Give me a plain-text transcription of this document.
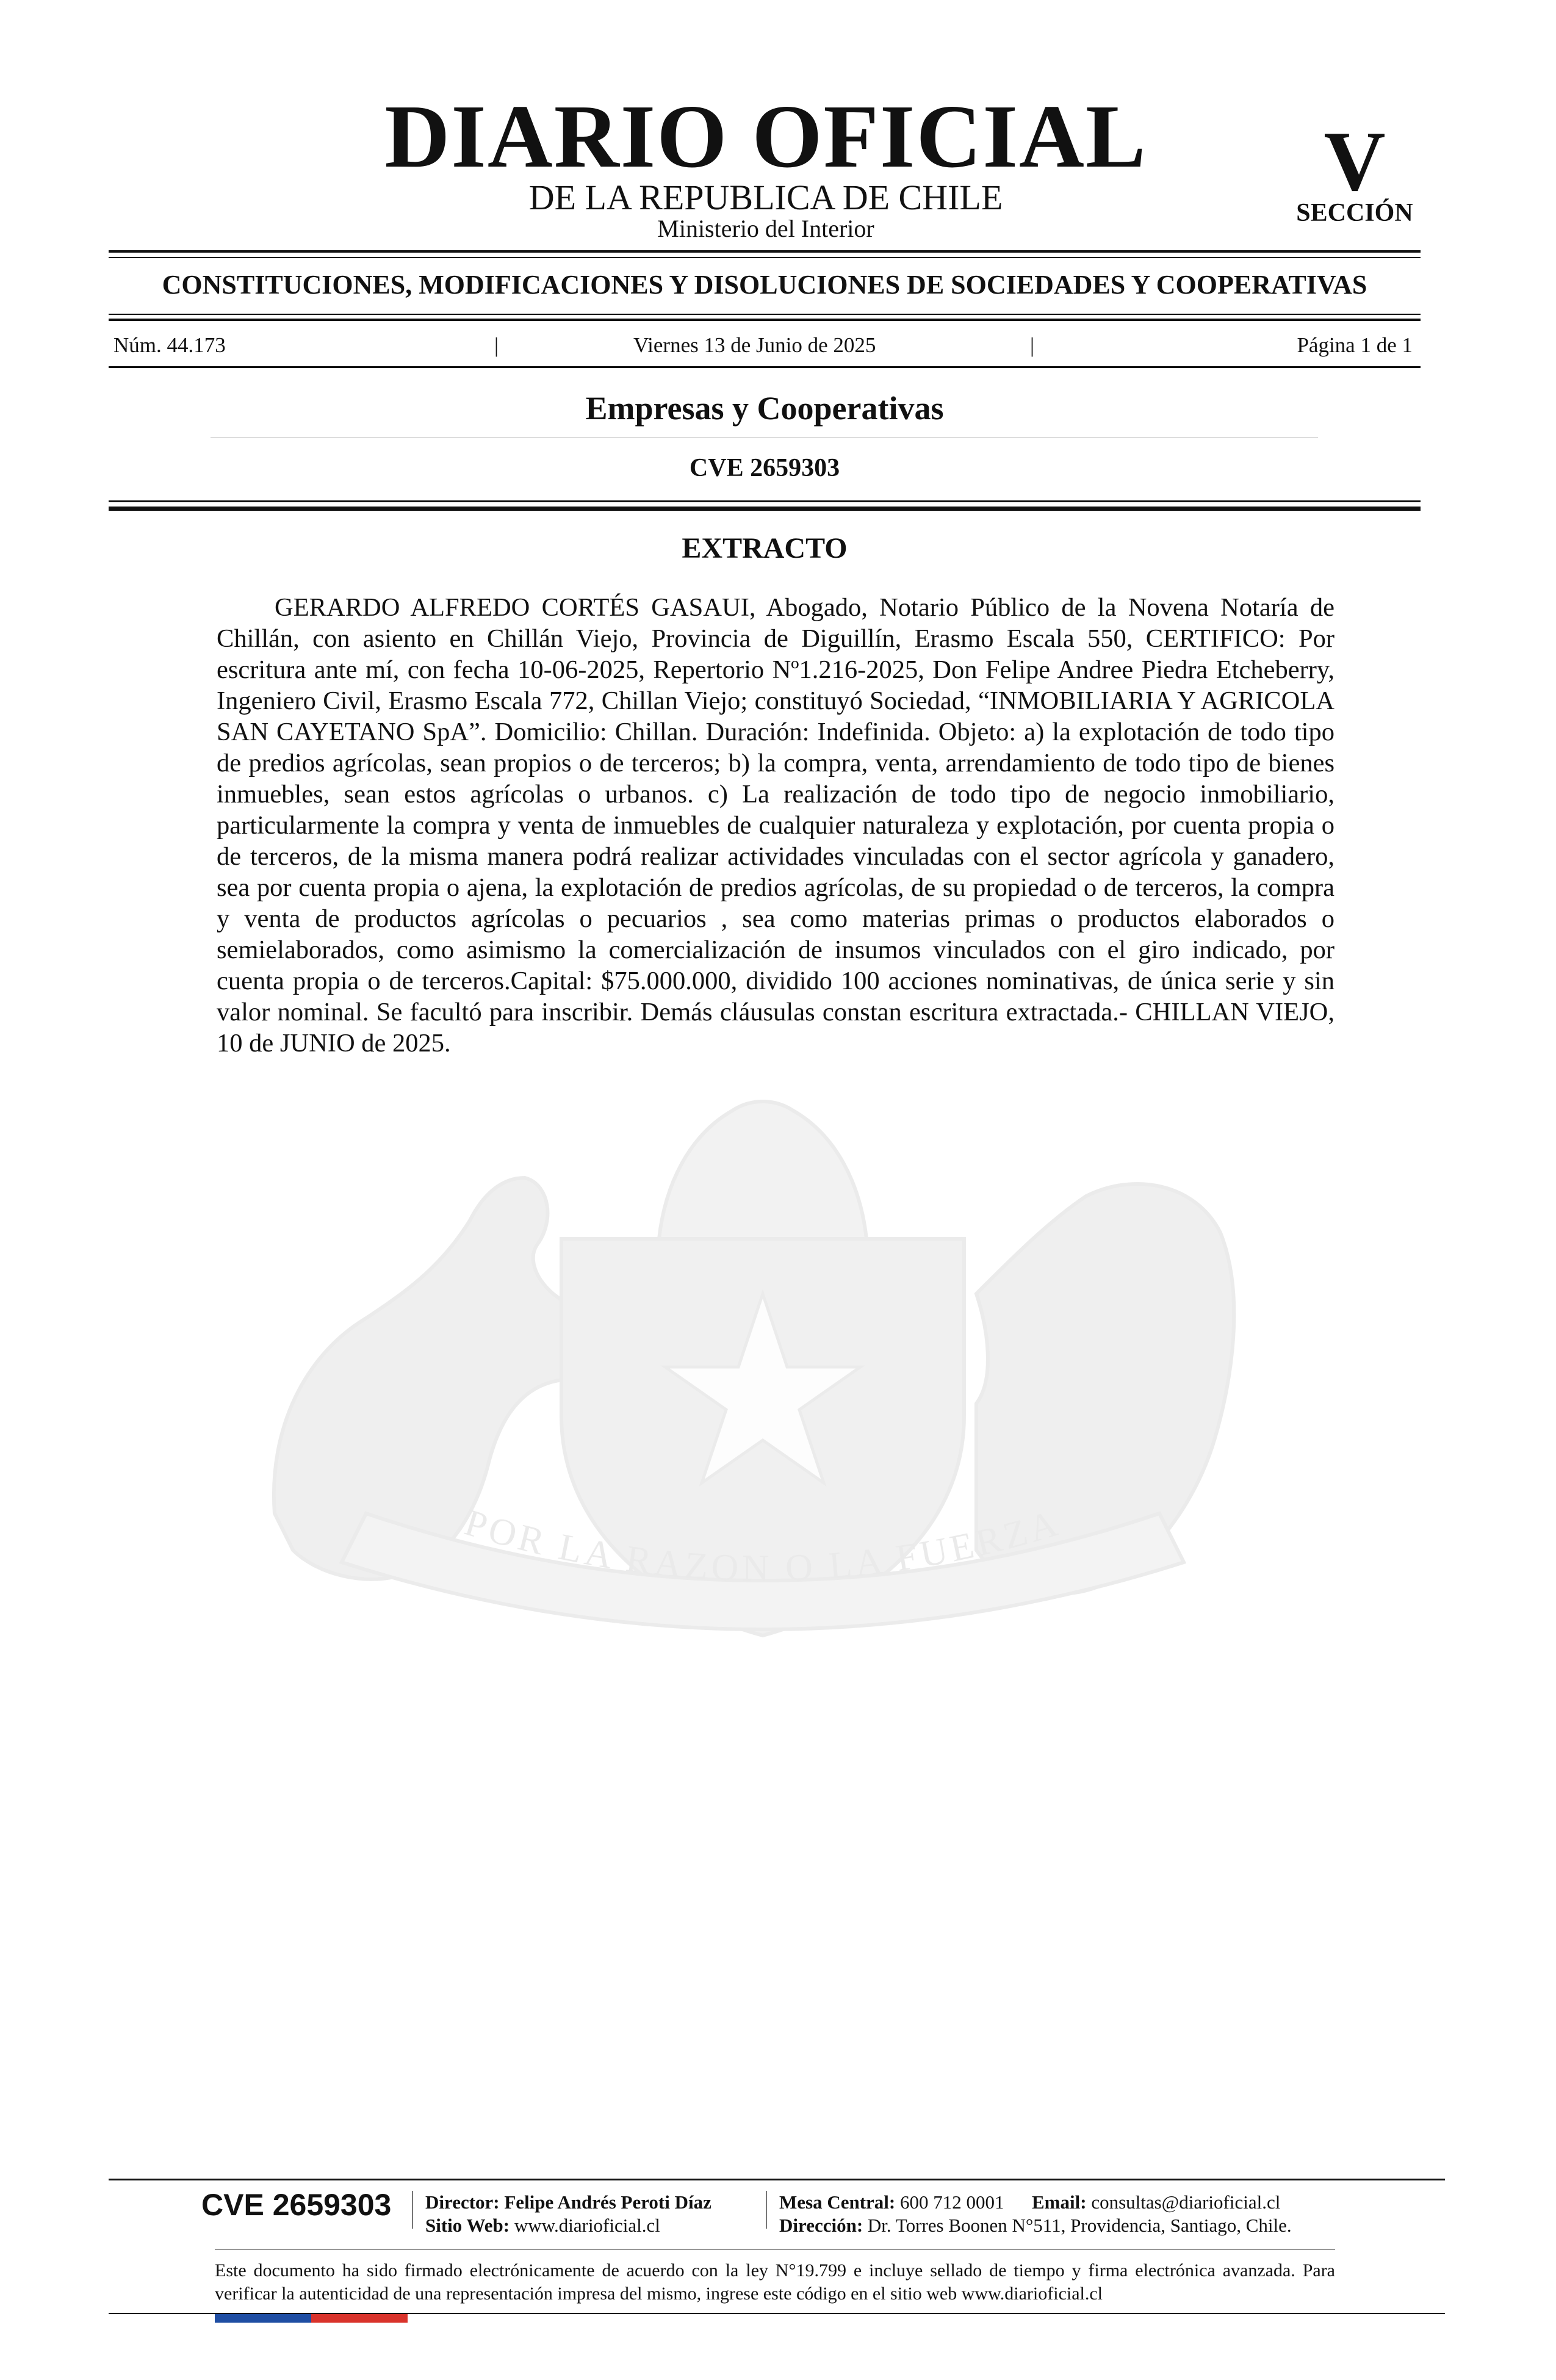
POR LA RAZON O LA FUERZA
DIARIO OFICIAL
DE LA REPUBLICA DE CHILE
Ministerio del Interior
V
SECCIÓN
CONSTITUCIONES, MODIFICACIONES Y DISOLUCIONES DE SOCIEDADES Y COOPERATIVAS
Núm. 44.173	|	Viernes 13 de Junio de 2025	|	Página 1 de 1
Empresas y Cooperativas
CVE 2659303
EXTRACTO

GERARDO ALFREDO CORTÉS GASAUI, Abogado, Notario Público de la Novena Notaría de Chillán, con asiento en Chillán Viejo, Provincia de Diguillín, Erasmo Escala 550, CERTIFICO: Por escritura ante mí, con fecha 10-06-2025, Repertorio Nº1.216-2025, Don Felipe Andree Piedra Etcheberry, Ingeniero Civil, Erasmo Escala 772, Chillan Viejo; constituyó Sociedad, “INMOBILIARIA Y AGRICOLA SAN CAYETANO SpA”. Domicilio: Chillan. Duración: Indefinida. Objeto: a) la explotación de todo tipo de predios agrícolas, sean propios o de terceros; b) la compra, venta, arrendamiento de todo tipo de bienes inmuebles, sean estos agrícolas o urbanos. c) La realización de todo tipo de negocio inmobiliario, particularmente la compra y venta de inmuebles de cualquier naturaleza y explotación, por cuenta propia o de terceros, de la misma manera podrá realizar actividades vinculadas con el sector agrícola y ganadero, sea por cuenta propia o ajena, la explotación de predios agrícolas, de su propiedad o de terceros, la compra y venta de productos agrícolas o pecuarios , sea como materias primas o productos elaborados o semielaborados, como asimismo la comercialización de insumos vinculados con el giro indicado, por cuenta propia o de terceros.Capital: $75.000.000, dividido 100 acciones nominativas, de única serie y sin valor nominal. Se facultó para inscribir. Demás cláusulas constan escritura extractada.- CHILLAN VIEJO, 10 de JUNIO de 2025.

CVE 2659303	Director: Felipe Andrés Peroti Díaz
Sitio Web: www.diarioficial.cl
Mesa Central: 600 712 0001 Email: consultas@diarioficial.cl
Dirección: Dr. Torres Boonen N°511, Providencia, Santiago, Chile.

Este documento ha sido firmado electrónicamente de acuerdo con la ley N°19.799 e incluye sellado de tiempo y firma electrónica avanzada. Para verificar la autenticidad de una representación impresa del mismo, ingrese este código en el sitio web www.diarioficial.cl
